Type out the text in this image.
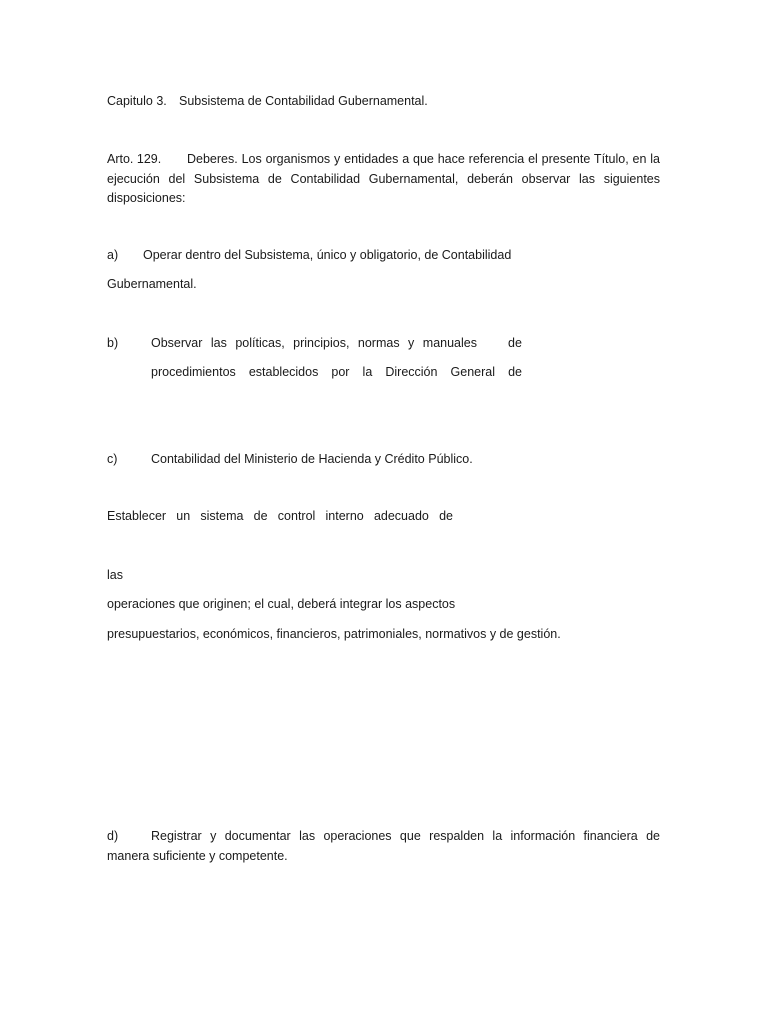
Capitulo 3. Subsistema de Contabilidad Gubernamental.
Arto. 129. Deberes. Los organismos y entidades a que hace referencia el presente Título, en la
ejecución del Subsistema de Contabilidad Gubernamental, deberán observar las siguientes
disposiciones:
a) Operar dentro del Subsistema, único y obligatorio, de Contabilidad
Gubernamental.
b)	Observar las políticas, principios, normas y manuales de
procedimientos establecidos por la Dirección General de
c)	Contabilidad del Ministerio de Hacienda y Crédito Público.
Establecer un sistema de control interno adecuado de
las
operaciones que originen; el cual, deberá integrar los aspectos
presupuestarios, económicos, financieros, patrimoniales, normativos y de gestión.
d)	Registrar y documentar las operaciones que respalden la información financiera de
manera suficiente y competente.
